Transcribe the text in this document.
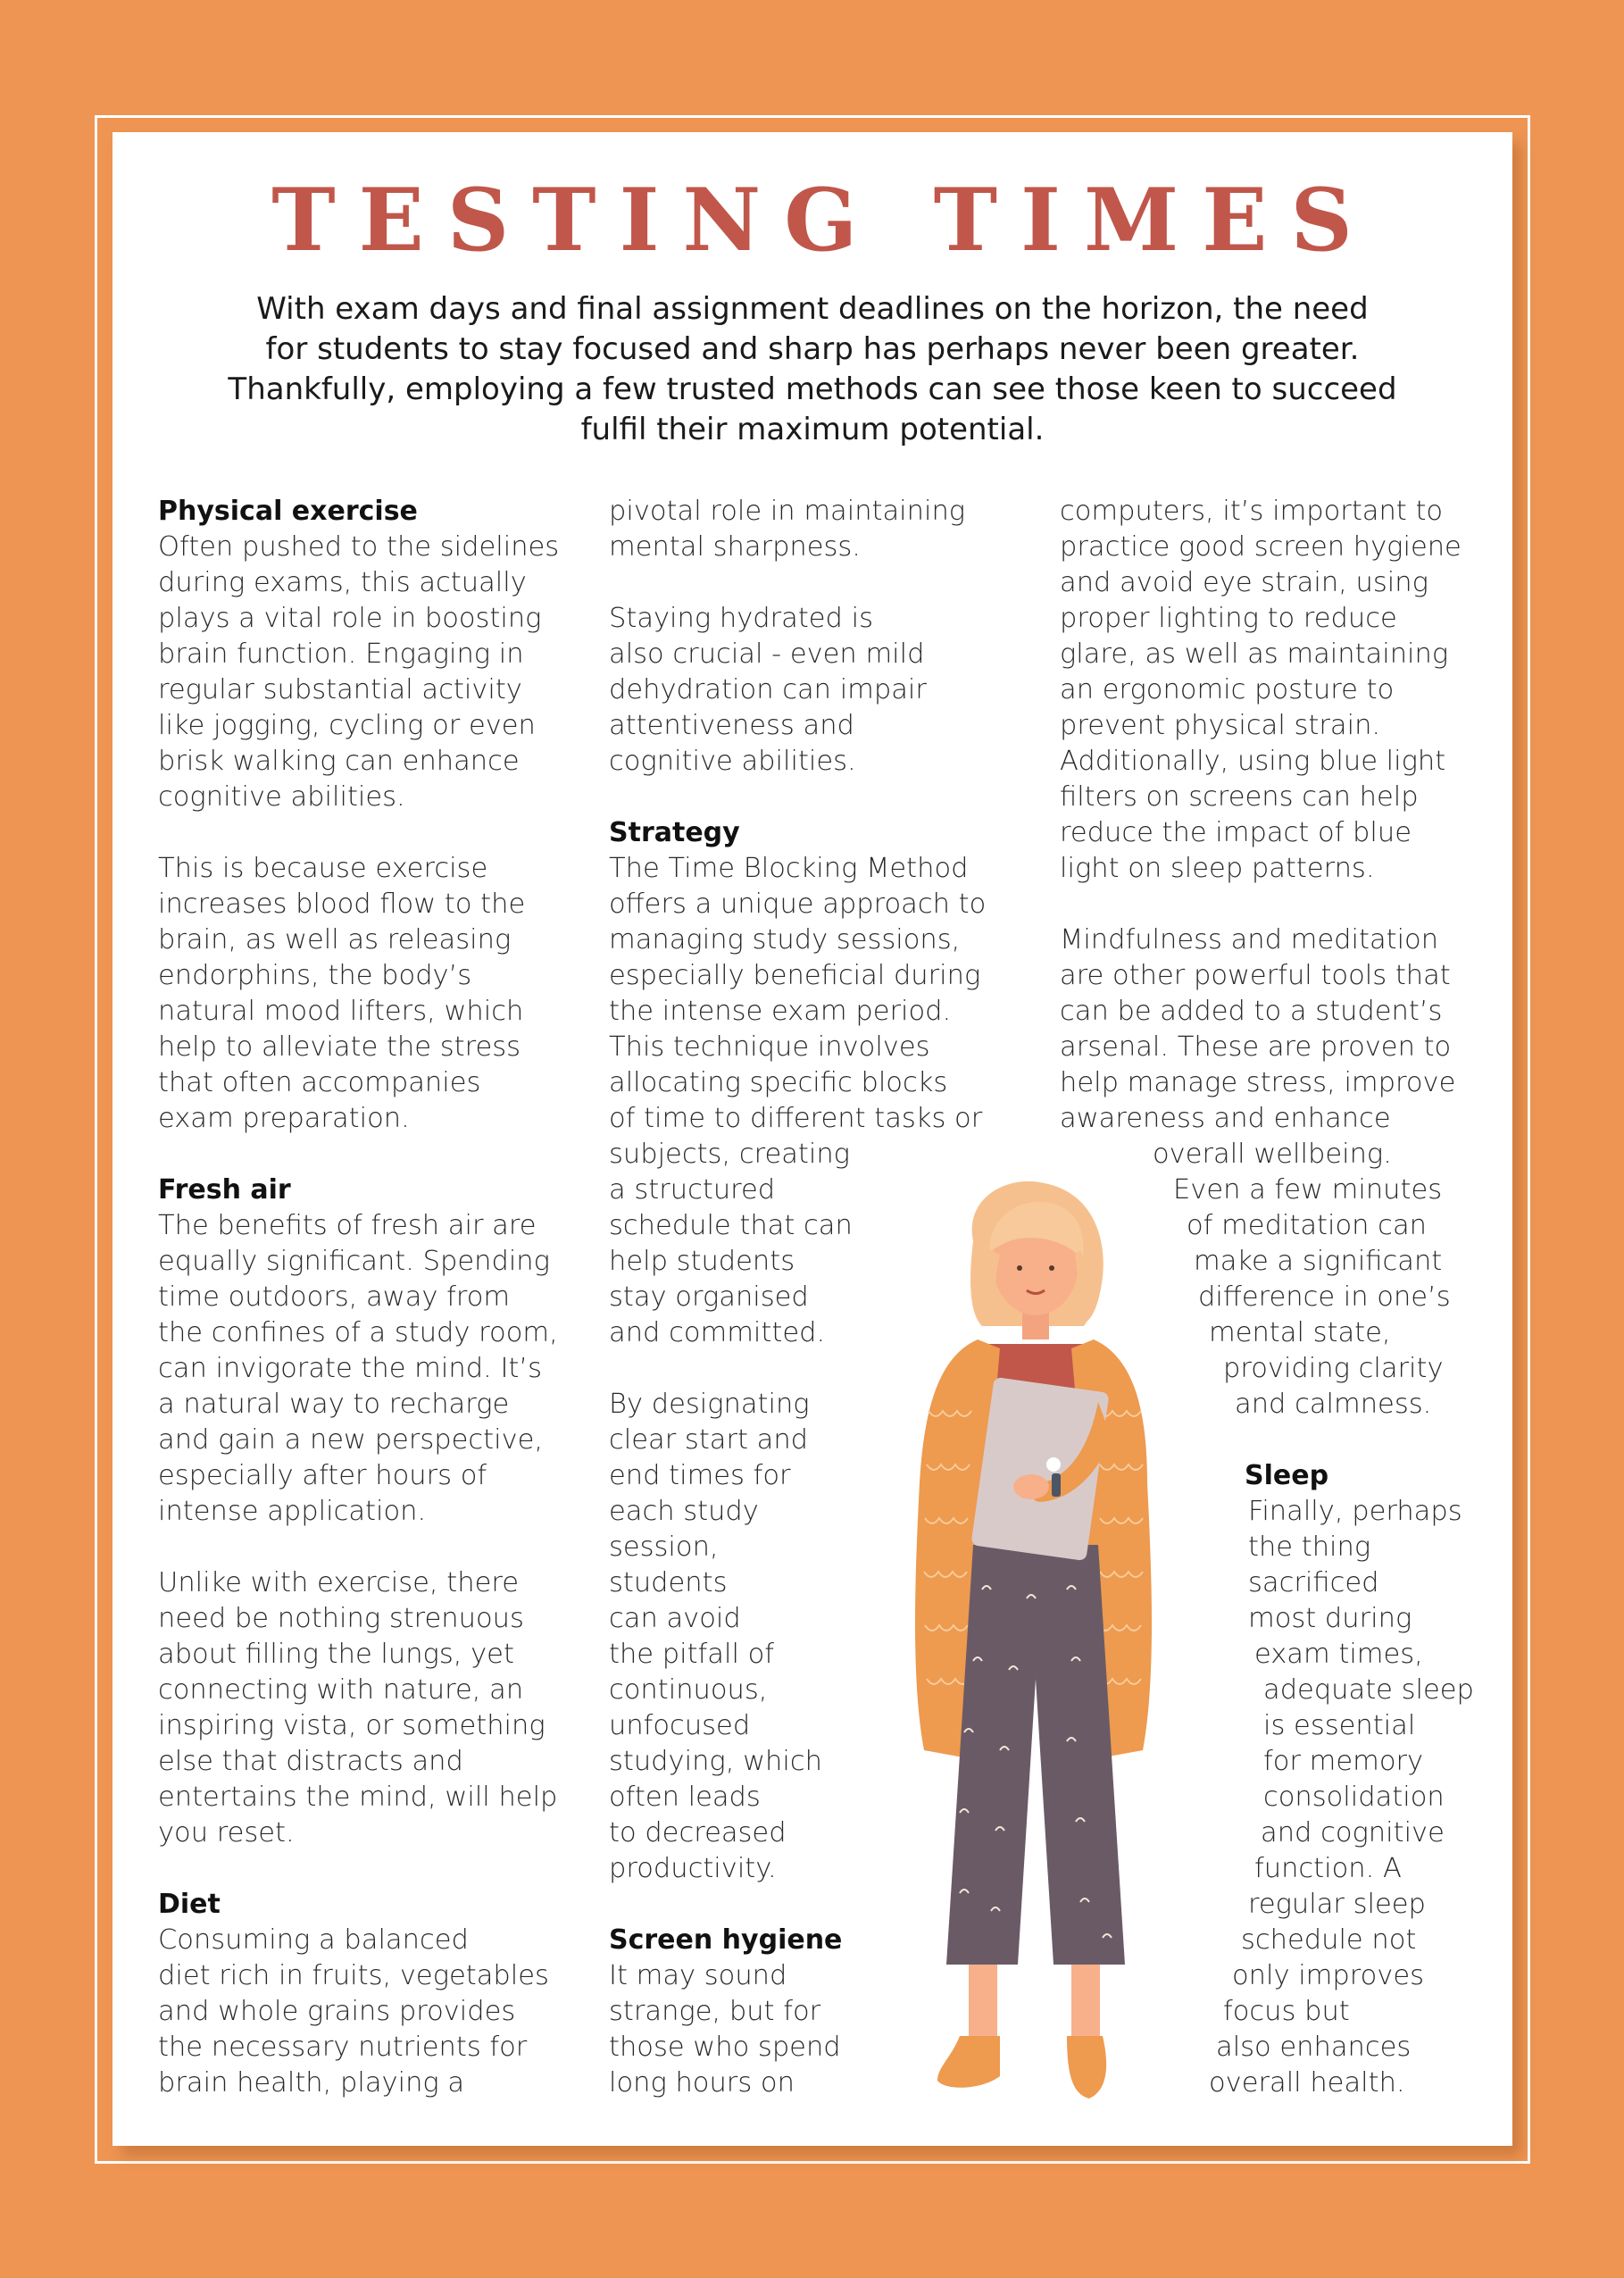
TESTING TIMES
With exam days and final assignment deadlines on the horizon, the need
for students to stay focused and sharp has perhaps never been greater.
Thankfully, employing a few trusted methods can see those keen to succeed
fulfil their maximum potential.
Physical exercise
Often pushed to the sidelines
during exams, this actually
plays a vital role in boosting
brain function. Engaging in
regular substantial activity
like jogging, cycling or even
brisk walking can enhance
cognitive abilities.
This is because exercise
increases blood flow to the
brain, as well as releasing
endorphins, the body’s
natural mood lifters, which
help to alleviate the stress
that often accompanies
exam preparation.
Fresh air
The benefits of fresh air are
equally significant. Spending
time outdoors, away from
the confines of a study room,
can invigorate the mind. It’s
a natural way to recharge
and gain a new perspective,
especially after hours of
intense application.
Unlike with exercise, there
need be nothing strenuous
about filling the lungs, yet
connecting with nature, an
inspiring vista, or something
else that distracts and
entertains the mind, will help
you reset.
Diet
Consuming a balanced
diet rich in fruits, vegetables
and whole grains provides
the necessary nutrients for
brain health, playing a
pivotal role in maintaining
mental sharpness.
Staying hydrated is
also crucial - even mild
dehydration can impair
attentiveness and
cognitive abilities.
Strategy
The Time Blocking Method
offers a unique approach to
managing study sessions,
especially beneficial during
the intense exam period.
This technique involves
allocating specific blocks
of time to different tasks or
subjects, creating
a structured
schedule that can
help students
stay organised
and committed.
By designating
clear start and
end times for
each study
session,
students
can avoid
the pitfall of
continuous,
unfocused
studying, which
often leads
to decreased
productivity.
Screen hygiene
It may sound
strange, but for
those who spend
long hours on
computers, it’s important to
practice good screen hygiene
and avoid eye strain, using
proper lighting to reduce
glare, as well as maintaining
an ergonomic posture to
prevent physical strain.
Additionally, using blue light
filters on screens can help
reduce the impact of blue
light on sleep patterns.
Mindfulness and meditation
are other powerful tools that
can be added to a student’s
arsenal. These are proven to
help manage stress, improve
awareness and enhance
overall wellbeing.
Even a few minutes
of meditation can
make a significant
difference in one’s
mental state,
providing clarity
and calmness.
Sleep
Finally, perhaps
the thing
sacrificed
most during
exam times,
adequate sleep
is essential
for memory
consolidation
and cognitive
function. A
regular sleep
schedule not
only improves
focus but
also enhances
overall health.
